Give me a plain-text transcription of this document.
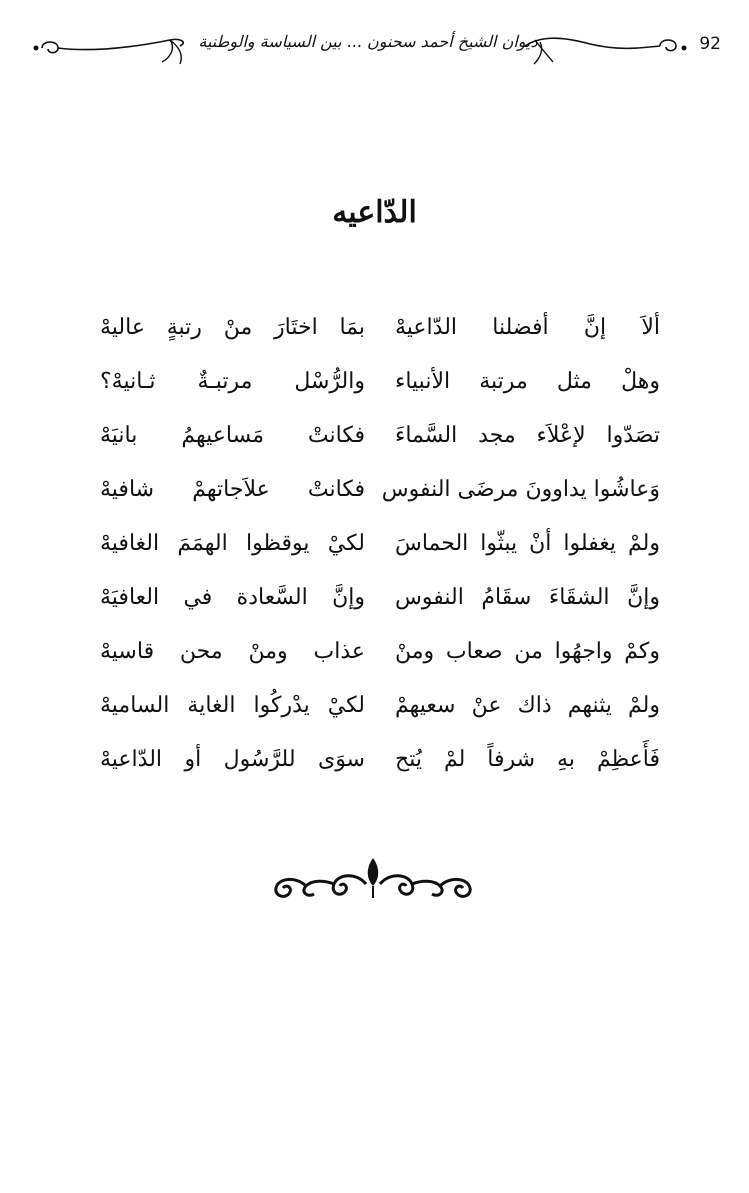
ديوان الشيخ أحمد سحنون ... بين السياسة والوطنية	92
الدّاعيه
ألاَ إنَّ أفضلنا الدّاعيهْ
بمَا اختَارَ منْ رتبةٍ عاليهْ
وهلْ مثل مرتبة الأنبياء
والرُّسْل مرتبـةٌ ثـانيهْ؟
تصَدّوا لإعْلاَء مجد السَّماءَ
فكانتْ مَساعيهمُ بانيَهْ
وَعاشُوا يداوونَ مرضَى النفوس
فكانتْ علاَجاتهمْ شافيهْ
ولمْ يغفلوا أنْ يبثّوا الحماسَ
لكيْ يوقظوا الهمَمَ الغافيهْ
وإنَّ الشقَاءَ سقَامُ النفوس
وإنَّ السَّعادة في العافيَهْ
وكمْ واجهُوا من صعاب ومنْ
عذاب ومنْ محن قاسيهْ
ولمْ يثنهم ذاك عنْ سعيهمْ
لكيْ يدْركُوا الغاية الساميهْ
فَأَعظِمْ بهِ شرفاً لمْ يُتح
سوَى للرَّسُول أو الدّاعيهْ
